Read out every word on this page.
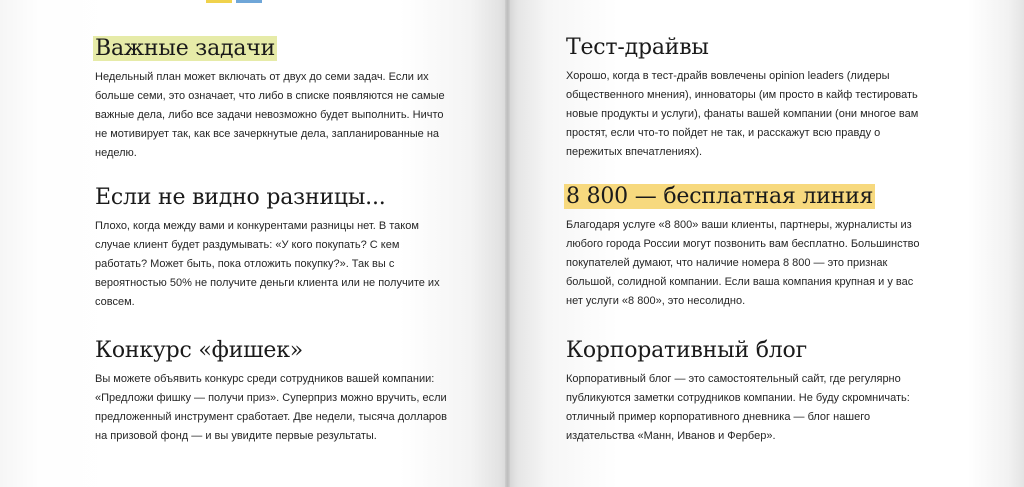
Важные задачи

Недельный план может включать от двух до семи задач. Если их
больше семи, это означает, что либо в списке появляются не самые
важные дела, либо все задачи невозможно будет выполнить. Ничто
не мотивирует так, как все зачеркнутые дела, запланированные на
неделю.

Если не видно разницы...

Плохо, когда между вами и конкурентами разницы нет. В таком
случае клиент будет раздумывать: «У кого покупать? С кем
работать? Может быть, пока отложить покупку?». Так вы с
вероятностью 50% не получите деньги клиента или не получите их
совсем.

Конкурс «фишек»

Вы можете объявить конкурс среди сотрудников вашей компании:
«Предложи фишку — получи приз». Суперприз можно вручить, если
предложенный инструмент сработает. Две недели, тысяча долларов
на призовой фонд — и вы увидите первые результаты.

Тест-драйвы

Хорошо, когда в тест-драйв вовлечены opinion leaders (лидеры
общественного мнения), инноваторы (им просто в кайф тестировать
новые продукты и услуги), фанаты вашей компании (они многое вам
простят, если что-то пойдет не так, и расскажут всю правду о
пережитых впечатлениях).

8 800 — бесплатная линия

Благодаря услуге «8 800» ваши клиенты, партнеры, журналисты из
любого города России могут позвонить вам бесплатно. Большинство
покупателей думают, что наличие номера 8 800 — это признак
большой, солидной компании. Если ваша компания крупная и у вас
нет услуги «8 800», это несолидно.

Корпоративный блог

Корпоративный блог — это самостоятельный сайт, где регулярно
публикуются заметки сотрудников компании. Не буду скромничать:
отличный пример корпоративного дневника — блог нашего
издательства «Манн, Иванов и Фербер».
